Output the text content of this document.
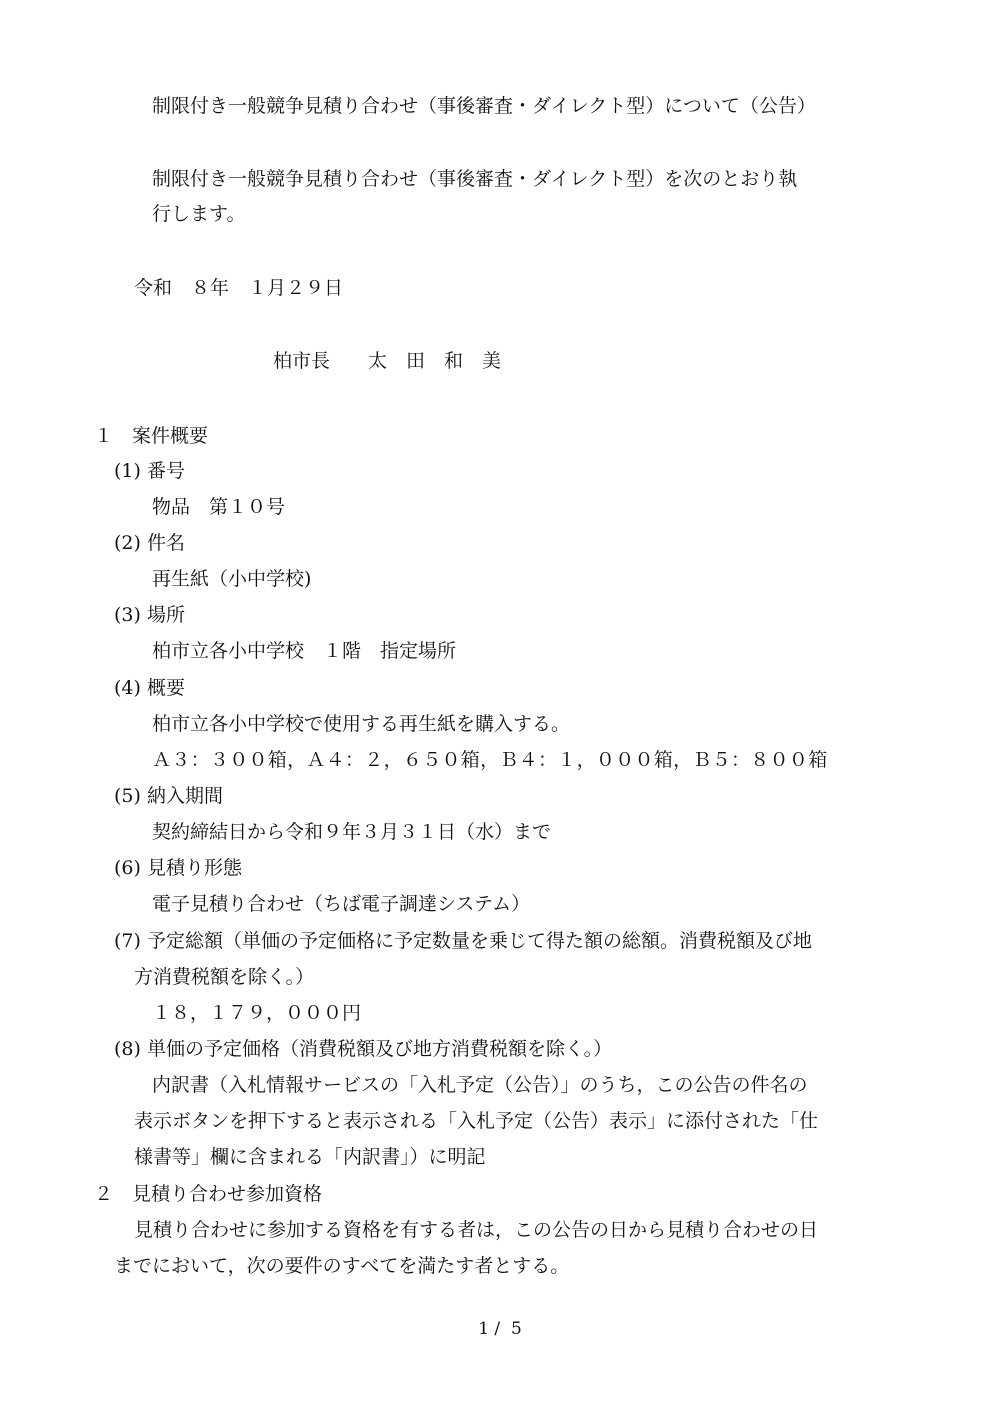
制限付き一般競争見積り合わせ（事後審査・ダイレクト型）について（公告）
制限付き一般競争見積り合わせ（事後審査・ダイレクト型）を次のとおり執
行します。
令和　８年　１月２９日
柏市長　　太　田　和　美
１　案件概要
(1) 番号
物品　第１０号
(2) 件名
再生紙（小中学校)
(3) 場所
柏市立各小中学校　１階　指定場所
(4) 概要
柏市立各小中学校で使用する再生紙を購入する。
Ａ３：３００箱，Ａ４：２，６５０箱，Ｂ４：１，０００箱，Ｂ５：８００箱
(5) 納入期間
契約締結日から令和９年３月３１日（水）まで
(6) 見積り形態
電子見積り合わせ（ちば電子調達システム）
(7) 予定総額（単価の予定価格に予定数量を乗じて得た額の総額。消費税額及び地
方消費税額を除く。）
１８，１７９，０００円
(8) 単価の予定価格（消費税額及び地方消費税額を除く。）
内訳書（入札情報サービスの「入札予定（公告）」のうち，この公告の件名の
表示ボタンを押下すると表示される「入札予定（公告）表示」に添付された「仕
様書等」欄に含まれる「内訳書」）に明記
２　見積り合わせ参加資格
見積り合わせに参加する資格を有する者は，この公告の日から見積り合わせの日
までにおいて，次の要件のすべてを満たす者とする。
1 /  5
